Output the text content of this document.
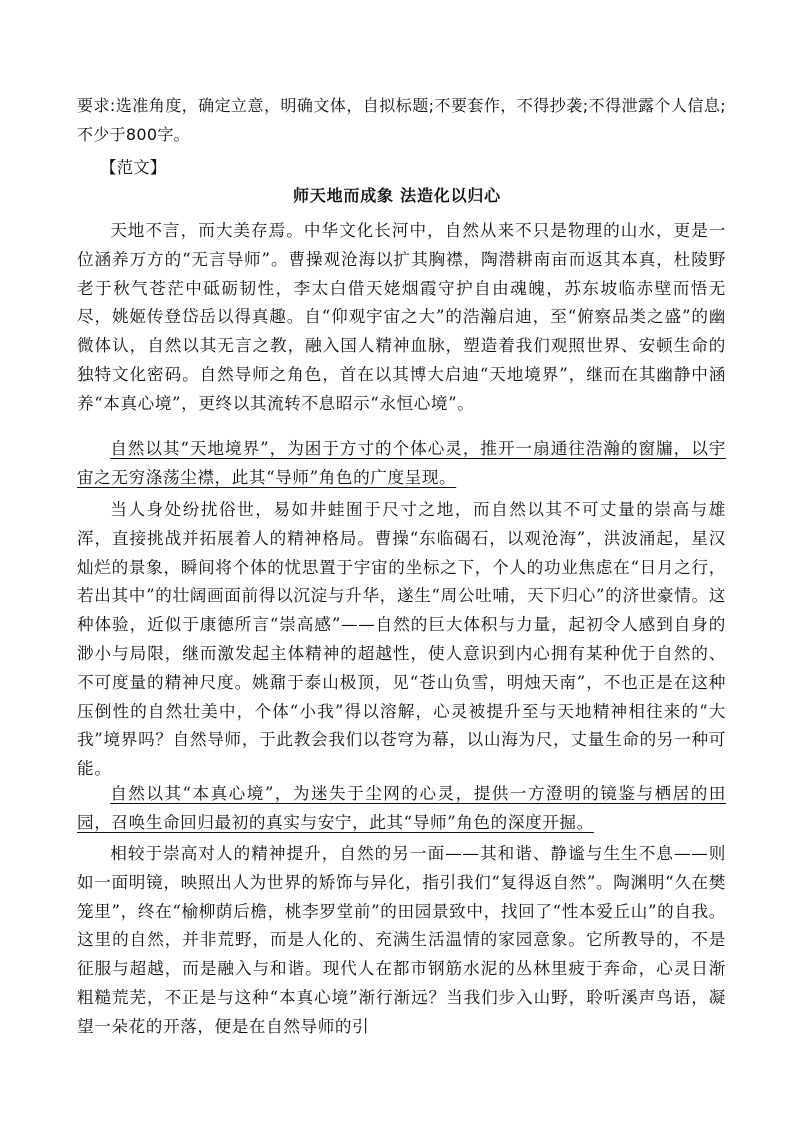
要求:选准角度，确定立意，明确文体，自拟标题;不要套作，不得抄袭;不得泄露个人信息;不少于800字。
【范文】
师天地而成象 法造化以归心
天地不言，而大美存焉。中华文化长河中，自然从来不只是物理的山水，更是一位涵养万方的“无言导师”。曹操观沧海以扩其胸襟，陶潜耕南亩而返其本真，杜陵野老于秋气苍茫中砥砺韧性，李太白借天姥烟霞守护自由魂魄，苏东坡临赤壁而悟无尽，姚姬传登岱岳以得真趣。自“仰观宇宙之大”的浩瀚启迪，至“俯察品类之盛”的幽微体认，自然以其无言之教，融入国人精神血脉，塑造着我们观照世界、安顿生命的独特文化密码。自然导师之角色，首在以其博大启迪“天地境界”，继而在其幽静中涵养“本真心境”，更终以其流转不息昭示“永恒心境”。
自然以其“天地境界”，为困于方寸的个体心灵，推开一扇通往浩瀚的窗牖，以宇宙之无穷涤荡尘襟，此其“导师”角色的广度呈现。
当人身处纷扰俗世，易如井蛙囿于尺寸之地，而自然以其不可丈量的崇高与雄浑，直接挑战并拓展着人的精神格局。曹操“东临碣石，以观沧海”，洪波涌起，星汉灿烂的景象，瞬间将个体的忧思置于宇宙的坐标之下，个人的功业焦虑在“日月之行，若出其中”的壮阔画面前得以沉淀与升华，遂生“周公吐哺，天下归心”的济世豪情。这种体验，近似于康德所言“崇高感”——自然的巨大体积与力量，起初令人感到自身的渺小与局限，继而激发起主体精神的超越性，使人意识到内心拥有某种优于自然的、不可度量的精神尺度。姚鼐于泰山极顶，见“苍山负雪，明烛天南”，不也正是在这种压倒性的自然壮美中，个体“小我”得以溶解，心灵被提升至与天地精神相往来的“大我”境界吗？自然导师，于此教会我们以苍穹为幕，以山海为尺，丈量生命的另一种可能。
自然以其“本真心境”，为迷失于尘网的心灵，提供一方澄明的镜鉴与栖居的田园，召唤生命回归最初的真实与安宁，此其“导师”角色的深度开掘。
相较于崇高对人的精神提升，自然的另一面——其和谐、静谧与生生不息——则如一面明镜，映照出人为世界的矫饰与异化，指引我们“复得返自然”。陶渊明“久在樊笼里”，终在“榆柳荫后檐，桃李罗堂前”的田园景致中，找回了“性本爱丘山”的自我。这里的自然，并非荒野，而是人化的、充满生活温情的家园意象。它所教导的，不是征服与超越，而是融入与和谐。现代人在都市钢筋水泥的丛林里疲于奔命，心灵日渐粗糙荒芜，不正是与这种“本真心境”渐行渐远？当我们步入山野，聆听溪声鸟语，凝望一朵花的开落，便是在自然导师的引
